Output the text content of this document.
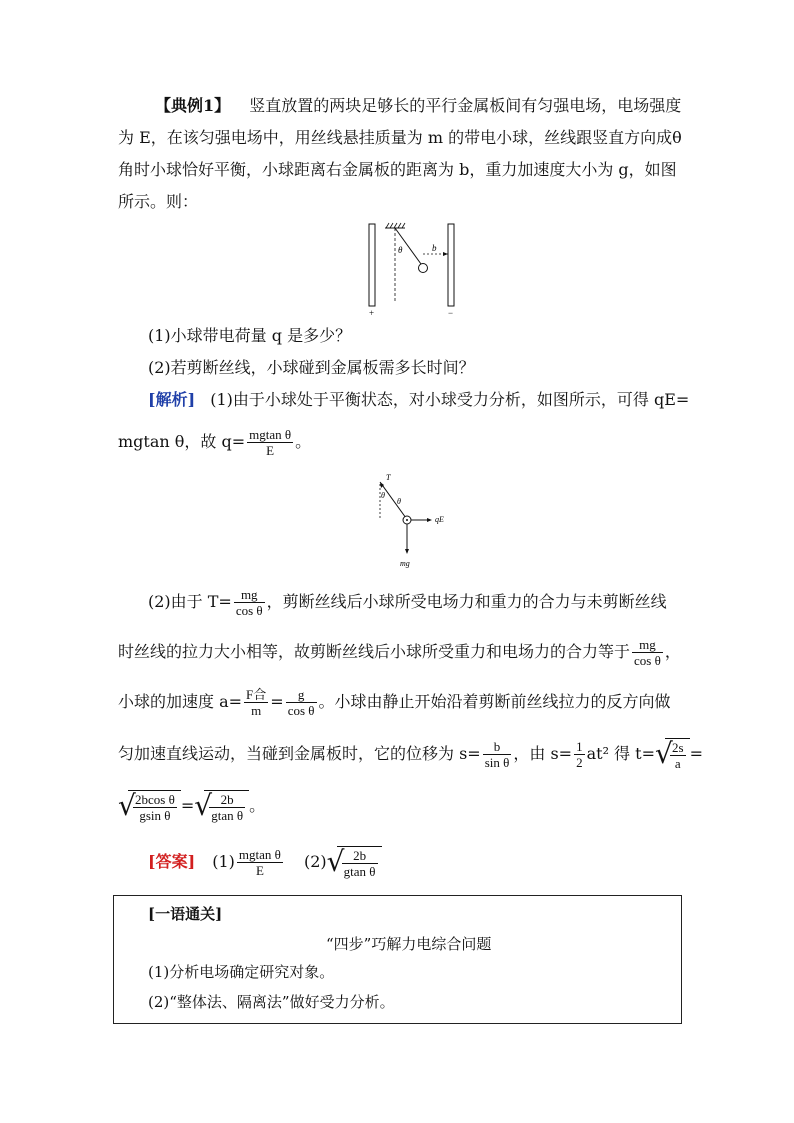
【典例1】 竖直放置的两块足够长的平行金属板间有匀强电场，电场强度
为 E，在该匀强电场中，用丝线悬挂质量为 m 的带电小球，丝线跟竖直方向成θ
角时小球恰好平衡，小球距离右金属板的距离为 b，重力加速度大小为 g，如图
所示。则：
b
θ
+	−
(1)小球带电荷量 q 是多少？
(2)若剪断丝线，小球碰到金属板需多长时间？
[解析] (1)由于小球处于平衡状态，对小球受力分析，如图所示，可得 qE=
mgtan θ，故 $q= \frac{\text{mgtan θ}}{E}$ 。
T
θ
θ
qE
mg
(2)由于 $T= \frac{mg}{\text{cos θ}}$ ，剪断丝线后小球所受电场力和重力的合力与未剪断丝线
时丝线的拉力大小相等，故剪断丝线后小球所受重力和电场力的合力等于 $\frac{mg}{\text{cos θ}}$ ，
小球的加速度 $a= \frac{\text{F合}}{m} = \frac{g}{\text{cos θ}}$ 。小球由静止开始沿着剪断前丝线拉力的反方向做
匀加速直线运动，当碰到金属板时，它的位移为 $s= \frac{b}{\text{sin θ}}$ ，由 $s= \frac{1}{2} at^2$ 得 t= √
$\frac{2s}{a}$ =
√
$\frac{\text{2bcos θ}}{\text{gsin θ}}$ = √
$\frac{2b}{\text{gtan θ}}$ 。
[答案] $(1) \frac{\text{mgtan θ}}{E} (2)$ √
$\frac{2b}{\text{gtan θ}}$
[一语通关]
“四步”巧解力电综合问题
(1)分析电场确定研究对象。
(2)“整体法、隔离法”做好受力分析。
